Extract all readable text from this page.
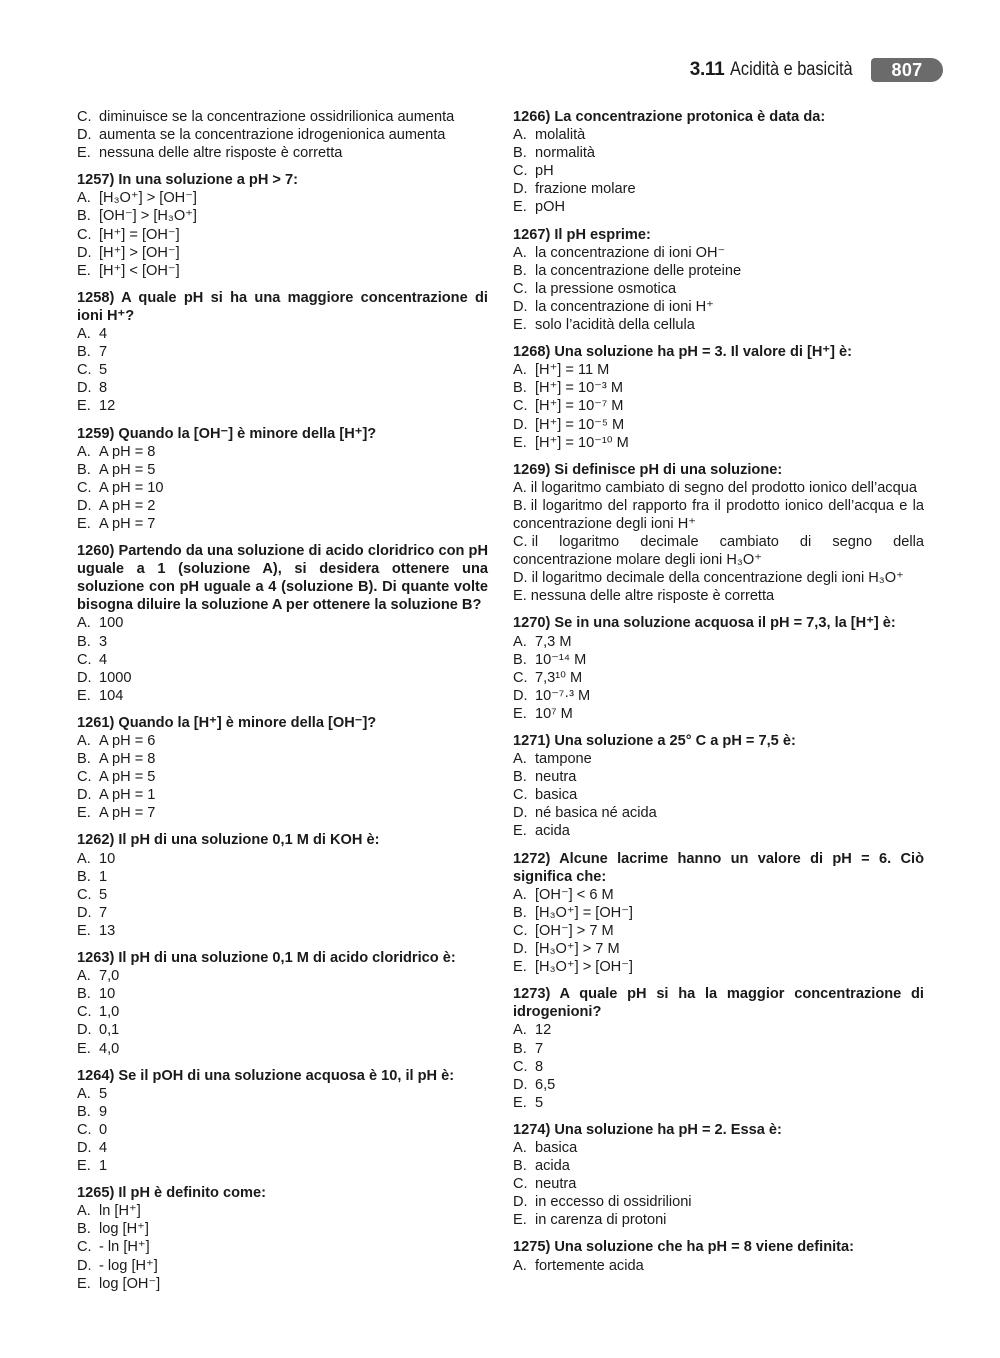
3.11 Acidità e basicità	807
C. diminuisce se la concentrazione ossidrilionica aumenta
D. aumenta se la concentrazione idrogenionica aumenta
E. nessuna delle altre risposte è corretta
1257) In una soluzione a pH > 7:
A. [H₃O⁺] > [OH⁻]
B. [OH⁻] > [H₃O⁺]
C. [H⁺] = [OH⁻]
D. [H⁺] > [OH⁻]
E. [H⁺] < [OH⁻]
1258) A quale pH si ha una maggiore concentrazione di ioni H⁺?
A. 4
B. 7
C. 5
D. 8
E. 12
1259) Quando la [OH⁻] è minore della [H⁺]?
A. A pH = 8
B. A pH = 5
C. A pH = 10
D. A pH = 2
E. A pH = 7
1260) Partendo da una soluzione di acido cloridrico con pH uguale a 1 (soluzione A), si desidera ottenere una soluzione con pH uguale a 4 (soluzione B). Di quante volte bisogna diluire la soluzione A per ottenere la soluzione B?
A. 100
B. 3
C. 4
D. 1000
E. 104
1261) Quando la [H⁺] è minore della [OH⁻]?
A. A pH = 6
B. A pH = 8
C. A pH = 5
D. A pH = 1
E. A pH = 7
1262) Il pH di una soluzione 0,1 M di KOH è:
A. 10
B. 1
C. 5
D. 7
E. 13
1263) Il pH di una soluzione 0,1 M di acido cloridrico è:
A. 7,0
B. 10
C. 1,0
D. 0,1
E. 4,0
1264) Se il pOH di una soluzione acquosa è 10, il pH è:
A. 5
B. 9
C. 0
D. 4
E. 1
1265) Il pH è definito come:
A. ln [H⁺]
B. log [H⁺]
C. - ln [H⁺]
D. - log [H⁺]
E. log [OH⁻]
1266) La concentrazione protonica è data da:
A. molalità
B. normalità
C. pH
D. frazione molare
E. pOH
1267) Il pH esprime:
A. la concentrazione di ioni OH⁻
B. la concentrazione delle proteine
C. la pressione osmotica
D. la concentrazione di ioni H⁺
E. solo l’acidità della cellula
1268) Una soluzione ha pH = 3. Il valore di [H⁺] è:
A. [H⁺] = 11 M
B. [H⁺] = 10⁻³ M
C. [H⁺] = 10⁻⁷ M
D. [H⁺] = 10⁻⁵ M
E. [H⁺] = 10⁻¹⁰ M
1269) Si definisce pH di una soluzione:
A. il logaritmo cambiato di segno del prodotto ionico dell’acqua
B. il logaritmo del rapporto fra il prodotto ionico dell’acqua e la concentrazione degli ioni H⁺
C. il logaritmo decimale cambiato di segno della concentrazione molare degli ioni H₃O⁺
D. il logaritmo decimale della concentrazione degli ioni H₃O⁺
E. nessuna delle altre risposte è corretta
1270) Se in una soluzione acquosa il pH = 7,3, la [H⁺] è:
A. 7,3 M
B. 10⁻¹⁴ M
C. 7,3¹⁰ M
D. 10⁻⁷·³ M
E. 10⁷ M
1271) Una soluzione a 25° C a pH = 7,5 è:
A. tampone
B. neutra
C. basica
D. né basica né acida
E. acida
1272) Alcune lacrime hanno un valore di pH = 6. Ciò significa che:
A. [OH⁻] < 6 M
B. [H₃O⁺] = [OH⁻]
C. [OH⁻] > 7 M
D. [H₃O⁺] > 7 M
E. [H₃O⁺] > [OH⁻]
1273) A quale pH si ha la maggior concentrazione di idrogenioni?
A. 12
B. 7
C. 8
D. 6,5
E. 5
1274) Una soluzione ha pH = 2. Essa è:
A. basica
B. acida
C. neutra
D. in eccesso di ossidrilioni
E. in carenza di protoni
1275) Una soluzione che ha pH = 8 viene definita:
A. fortemente acida
